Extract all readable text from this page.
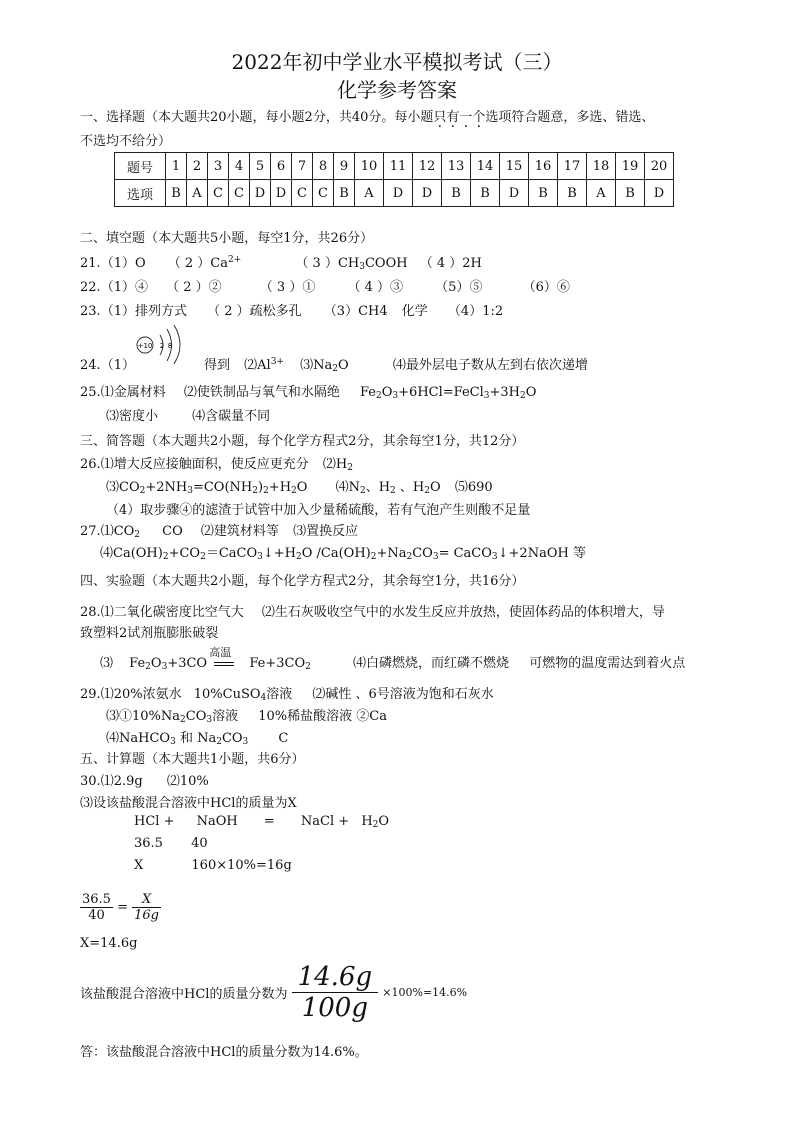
2022年初中学业水平模拟考试（三）
化学参考答案
一、选择题（本大题共20小题，每小题2分，共40分。每小题只有一个选项符合题意，多选、错选、
不选均不给分）
题号	1	2	3	4	5	6	7	8	9	10	11	12	13	14	15	16	17	18	19	20
选项	B	A	C	C	D	D	C	C	B	A	D	D	B	B	D	B	B	A	B	D
二、填空题（本大题共5小题，每空1分，共26分）
21.（1）O （ 2 ）$Ca^{2+}$	（ 3 ）$CH_3COOH$ （ 4 ）2H
22.（1）④ （ 2 ）②	（ 3 ）① （ 4 ）③ （5）⑤	（6）⑥
23.（1）排列方式 （ 2 ）疏松多孔 （3）CH4 化学 （4）1:2
24.（1）
+10 2 8
得到 $⑵Al^{3+}$ $⑶Na_2O$	⑷最外层电子数从左到右依次递增
25.⑴金属材料 ⑵使铁制品与氧气和水隔绝 $Fe_2O_3+6HCl=FeCl_3+3H_2O$
⑶密度小	⑷含碳量不同
三、简答题（本大题共2小题，每个化学方程式2分，其余每空1分，共12分）
26.⑴增大反应接触面积，使反应更充分 $⑵H_2$
$⑶CO_2+2NH_3=CO(NH_2)_2+H_2O$ $⑷N_2$、$H_2$ 、$H_2O$ ⑸690
（4）取步骤④的滤渣于试管中加入少量稀硫酸，若有气泡产生则酸不足量
$27.⑴CO_2$ CO ⑵建筑材料等 ⑶置换反应
$⑷Ca(OH)_2+CO_2=CaCO_3↓+H_2O$ $/Ca(OH)_2+Na_2CO_3=$ CaCO$_3$↓+2NaOH 等
四、实验题（本大题共2小题，每个化学方程式2分，其余每空1分，共16分）
28.⑴二氧化碳密度比空气大 ⑵生石灰吸收空气中的水发生反应并放热，使固体药品的体积增大，导
致塑料2试剂瓶膨胀破裂
⑶ $Fe_2O_3+3CO$
高温
$Fe+3CO_2$	⑷白磷燃烧，而红磷不燃烧 可燃物的温度需达到着火点
29.⑴20%浓氨水 10%CuSO$_4$溶液 ⑵碱性 、6号溶液为饱和石灰水
$⑶①10\%Na_2CO_3$溶液 10%稀盐酸溶液 ②Ca
⑷NaHCO$_3$ 和 $Na_2CO_3$ C
五、计算题（本大题共1小题，共6分）
30.⑴2.9g ⑵10%
⑶设该盐酸混合溶液中HCl的质量为X
HCl + NaOH = NaCl + $H_2O$
36.5 40
X	160×10%=16g
$\frac{36.5}{40} = \frac{X}{16g}$
X=14.6g
该盐酸混合溶液中HCl的质量分数为 $\frac{14.6g}{100g} \times 100\%=14.6\%$
答：该盐酸混合溶液中HCl的质量分数为14.6%。
